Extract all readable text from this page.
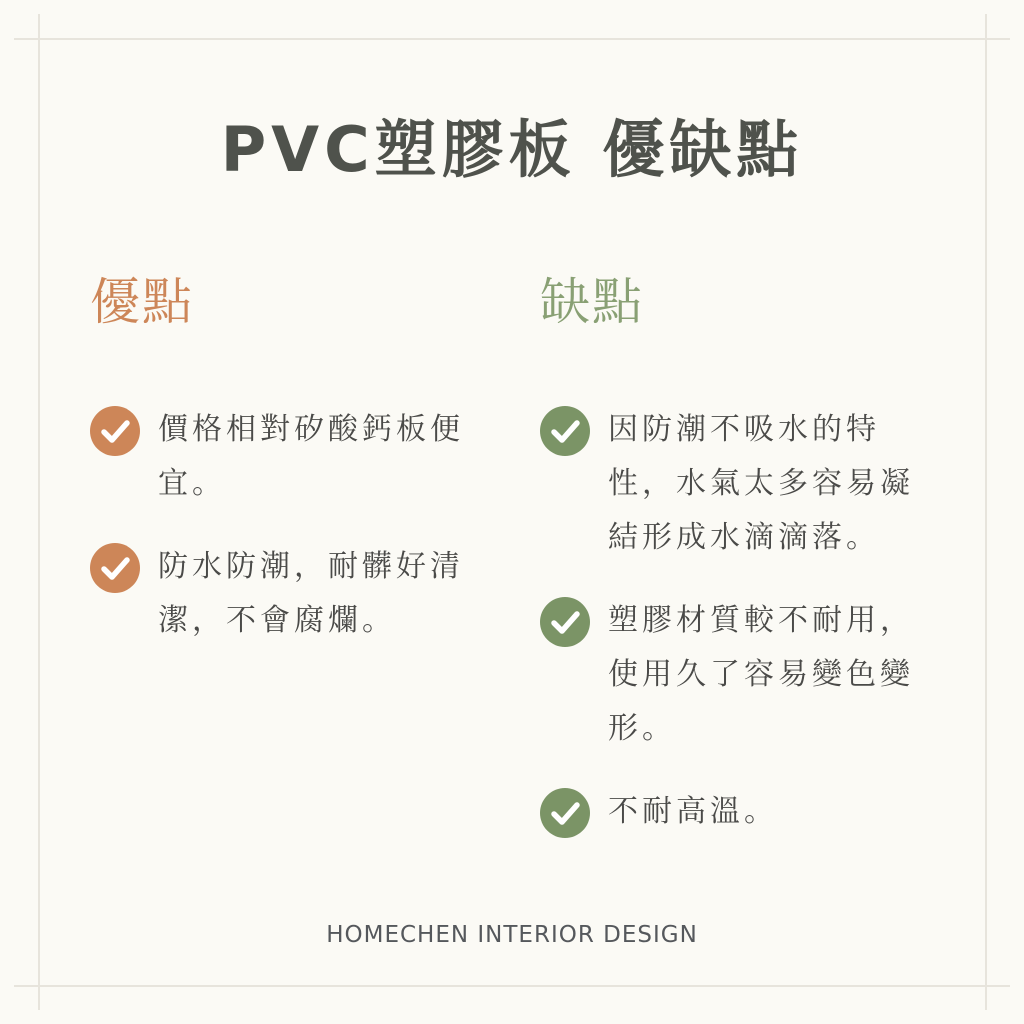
PVC塑膠板 優缺點
優點
價格相對矽酸鈣板便宜。
防水防潮，耐髒好清潔，不會腐爛。
缺點
因防潮不吸水的特性，水氣太多容易凝結形成水滴滴落。
塑膠材質較不耐用，使用久了容易變色變形。
不耐高溫。
HOMECHEN INTERIOR DESIGN
